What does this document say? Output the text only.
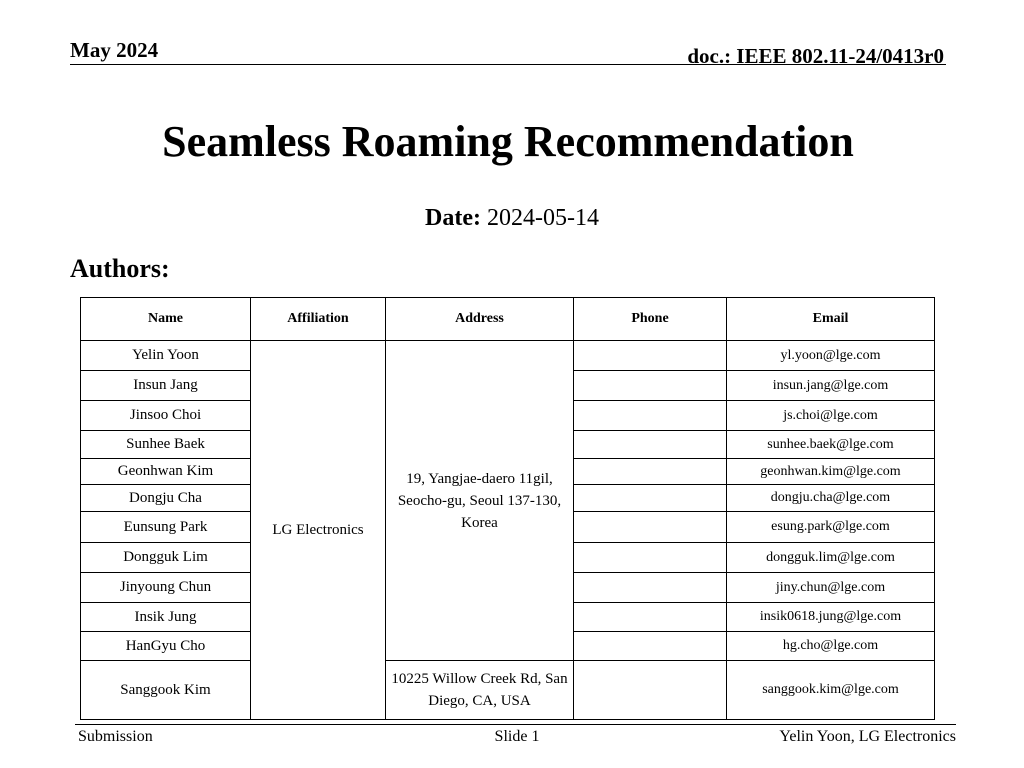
May 2024	doc.: IEEE 802.11-24/0413r0
Seamless Roaming Recommendation
Date: 2024-05-14
Authors:
Name	Affiliation	Address	Phone	Email
Yelin Yoon	LG Electronics	19, Yangjae-daero 11gil, Seocho-gu, Seoul 137-130, Korea		yl.yoon@lge.com
Insun Jang				insun.jang@lge.com
Jinsoo Choi				js.choi@lge.com
Sunhee Baek				sunhee.baek@lge.com
Geonhwan Kim				geonhwan.kim@lge.com
Dongju Cha				dongju.cha@lge.com
Eunsung Park				esung.park@lge.com
Dongguk Lim				dongguk.lim@lge.com
Jinyoung Chun				jiny.chun@lge.com
Insik Jung				insik0618.jung@lge.com
HanGyu Cho				hg.cho@lge.com
Sanggook Kim		10225 Willow Creek Rd, San Diego, CA, USA		sanggook.kim@lge.com
Submission	Slide 1	Yelin Yoon, LG Electronics
